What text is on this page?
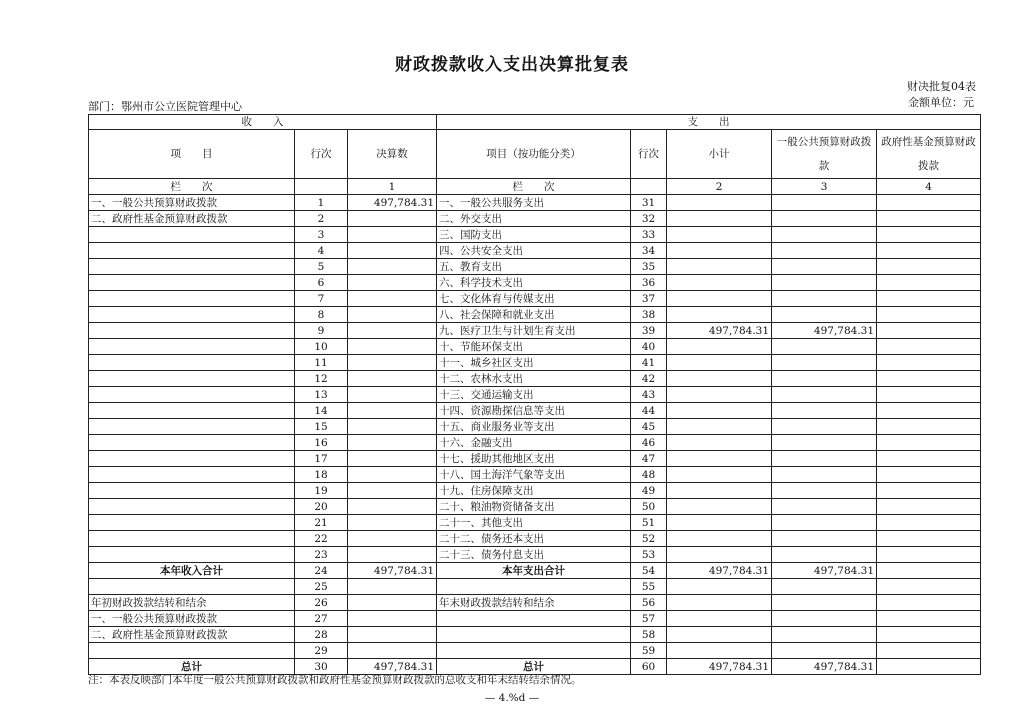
财政拨款收入支出决算批复表
财决批复04表
金额单位：元
部门：鄂州市公立医院管理中心
收　　入			支　　出				
项　　目	行次	决算数	项目（按功能分类）	行次	小计	一般公共预算财政拨款	政府性基金预算财政拨款
栏　　次		1	栏　　次		2	3	4
一、一般公共预算财政拨款	1	497,784.31	一、一般公共服务支出	31			
二、政府性基金预算财政拨款	2		二、外交支出	32			
	3		三、国防支出	33			
	4		四、公共安全支出	34			
	5		五、教育支出	35			
	6		六、科学技术支出	36			
	7		七、文化体育与传媒支出	37			
	8		八、社会保障和就业支出	38			
	9		九、医疗卫生与计划生育支出	39	497,784.31	497,784.31	
	10		十、节能环保支出	40			
	11		十一、城乡社区支出	41			
	12		十二、农林水支出	42			
	13		十三、交通运输支出	43			
	14		十四、资源勘探信息等支出	44			
	15		十五、商业服务业等支出	45			
	16		十六、金融支出	46			
	17		十七、援助其他地区支出	47			
	18		十八、国土海洋气象等支出	48			
	19		十九、住房保障支出	49			
	20		二十、粮油物资储备支出	50			
	21		二十一、其他支出	51			
	22		二十二、债务还本支出	52			
	23		二十三、债务付息支出	53			
本年收入合计	24	497,784.31	本年支出合计	54	497,784.31	497,784.31	
	25			55			
年初财政拨款结转和结余	26		年末财政拨款结转和结余	56			
一、一般公共预算财政拨款	27			57			
二、政府性基金预算财政拨款	28			58			
	29			59			
总计	30	497,784.31	总计	60	497,784.31	497,784.31	
注：本表反映部门本年度一般公共预算财政拨款和政府性基金预算财政拨款的总收支和年末结转结余情况。
— 4.%d —
